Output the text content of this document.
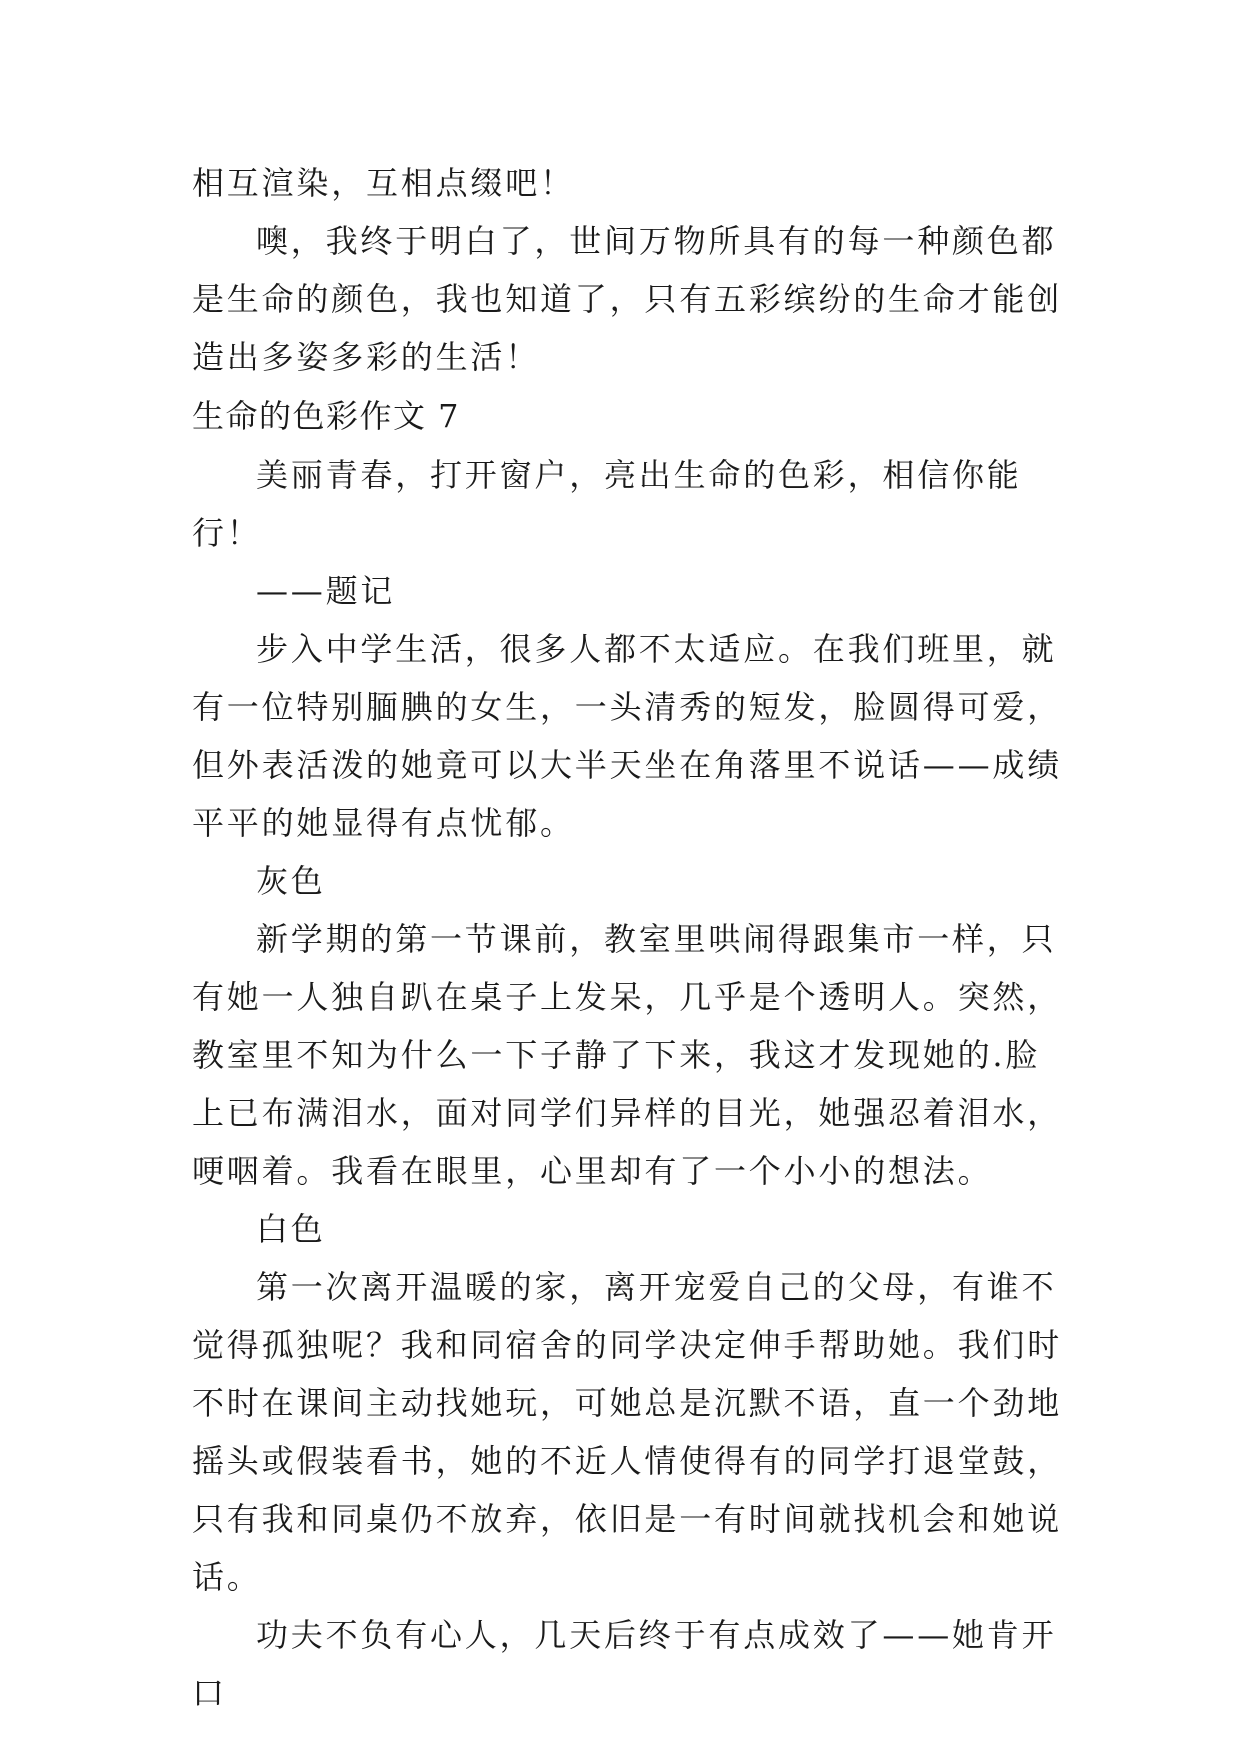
相互渲染，互相点缀吧！

噢，我终于明白了，世间万物所具有的每一种颜色都是生命的颜色，我也知道了，只有五彩缤纷的生命才能创造出多姿多彩的生活！

生命的色彩作文 7

美丽青春，打开窗户，亮出生命的色彩，相信你能行！

——题记

步入中学生活，很多人都不太适应。在我们班里，就有一位特别腼腆的女生，一头清秀的短发，脸圆得可爱，但外表活泼的她竟可以大半天坐在角落里不说话——成绩平平的她显得有点忧郁。

灰色

新学期的第一节课前，教室里哄闹得跟集市一样，只有她一人独自趴在桌子上发呆，几乎是个透明人。突然，教室里不知为什么一下子静了下来，我这才发现她的.脸上已布满泪水，面对同学们异样的目光，她强忍着泪水，哽咽着。我看在眼里，心里却有了一个小小的想法。

白色

第一次离开温暖的家，离开宠爱自己的父母，有谁不觉得孤独呢？我和同宿舍的同学决定伸手帮助她。我们时不时在课间主动找她玩，可她总是沉默不语，直一个劲地摇头或假装看书，她的不近人情使得有的同学打退堂鼓，只有我和同桌仍不放弃，依旧是一有时间就找机会和她说话。

功夫不负有心人，几天后终于有点成效了——她肯开口
